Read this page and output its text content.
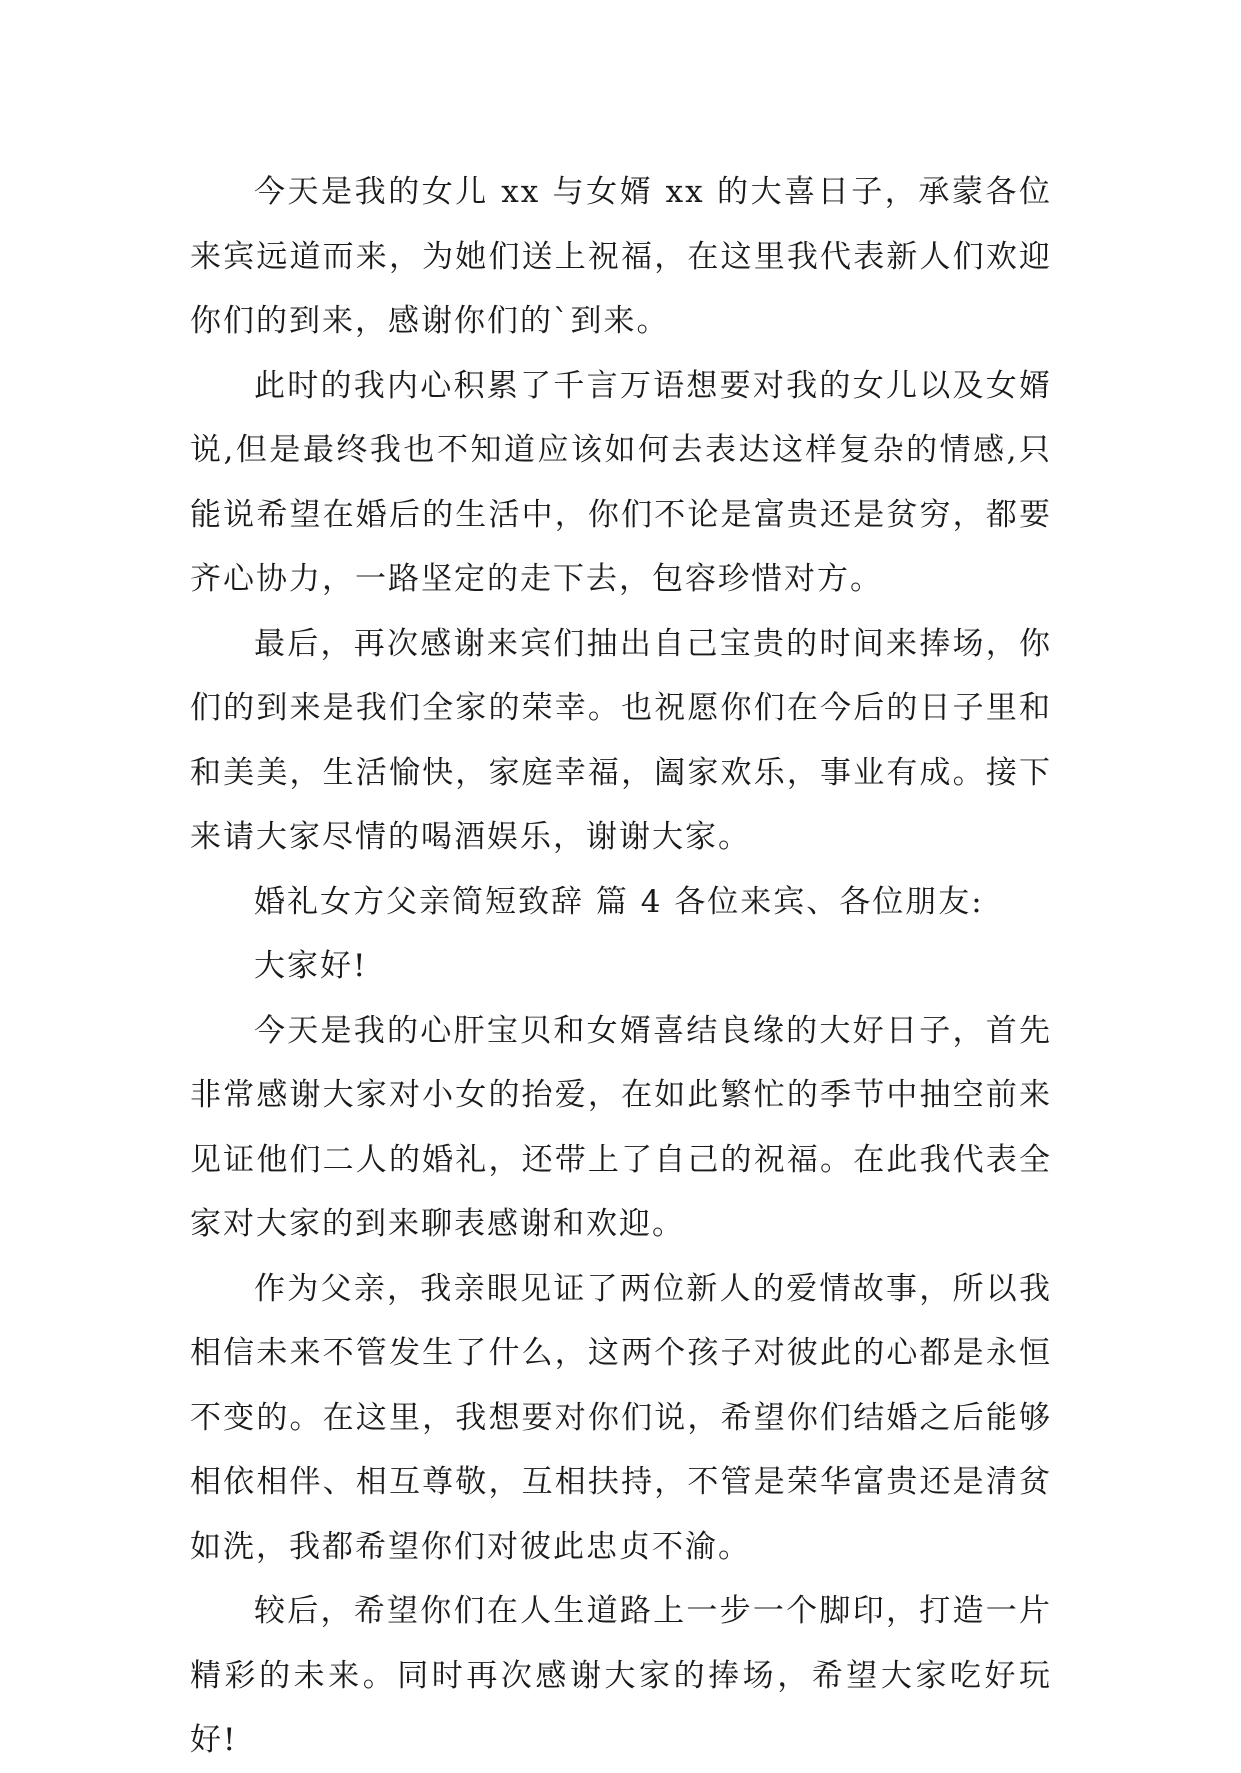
今天是我的女儿 xx 与女婿 xx 的大喜日子，承蒙各位来宾远道而来，为她们送上祝福，在这里我代表新人们欢迎你们的到来，感谢你们的`到来。

此时的我内心积累了千言万语想要对我的女儿以及女婿说,但是最终我也不知道应该如何去表达这样复杂的情感,只能说希望在婚后的生活中，你们不论是富贵还是贫穷，都要齐心协力，一路坚定的走下去，包容珍惜对方。

最后，再次感谢来宾们抽出自己宝贵的时间来捧场，你们的到来是我们全家的荣幸。也祝愿你们在今后的日子里和和美美，生活愉快，家庭幸福，阖家欢乐，事业有成。接下来请大家尽情的喝酒娱乐，谢谢大家。

婚礼女方父亲简短致辞 篇 4 各位来宾、各位朋友:

大家好!

今天是我的心肝宝贝和女婿喜结良缘的大好日子，首先非常感谢大家对小女的抬爱，在如此繁忙的季节中抽空前来见证他们二人的婚礼，还带上了自己的祝福。在此我代表全家对大家的到来聊表感谢和欢迎。

作为父亲，我亲眼见证了两位新人的爱情故事，所以我相信未来不管发生了什么，这两个孩子对彼此的心都是永恒不变的。在这里，我想要对你们说，希望你们结婚之后能够相依相伴、相互尊敬，互相扶持，不管是荣华富贵还是清贫如洗，我都希望你们对彼此忠贞不渝。

较后，希望你们在人生道路上一步一个脚印，打造一片精彩的未来。同时再次感谢大家的捧场，希望大家吃好玩好!
